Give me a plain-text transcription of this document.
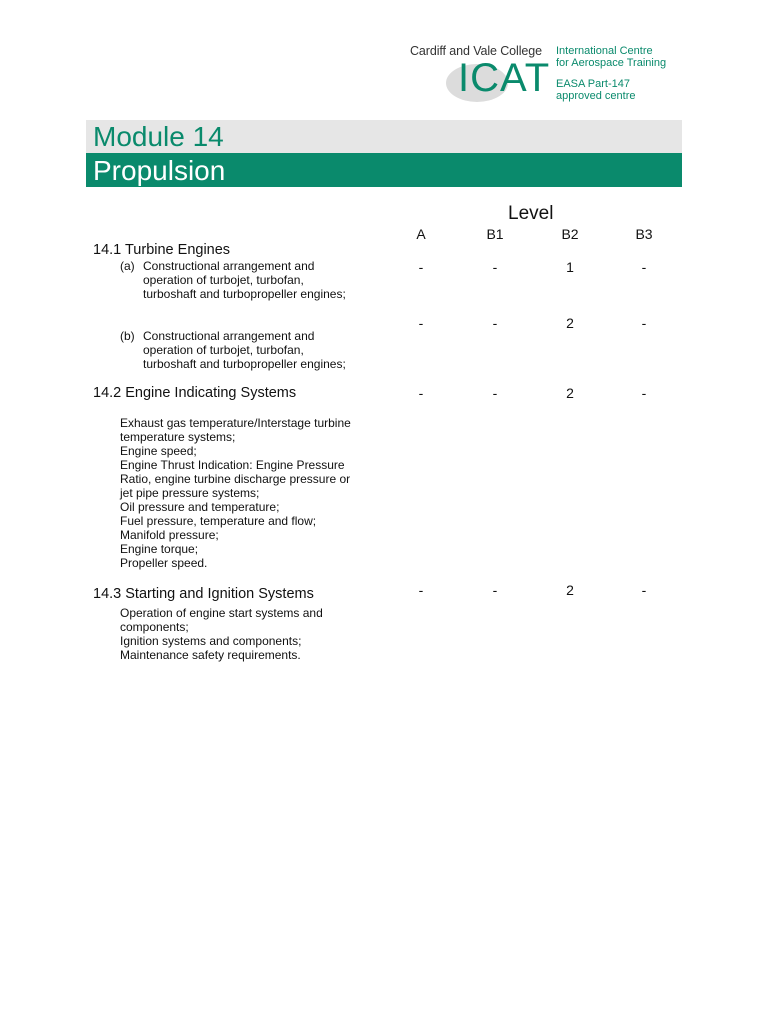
Cardiff and Vale College
ICAT
International Centre
for Aerospace Training
EASA Part-147
approved centre
Module 14
Propulsion
Level
A	B1	B2	B3
14.1 Turbine Engines
(a) Constructional arrangement and
operation of turbojet, turbofan,
turboshaft and turbopropeller engines;
-	-	1	-
(b) Constructional arrangement and
operation of turbojet, turbofan,
turboshaft and turbopropeller engines;
-	-	2	-
14.2 Engine Indicating Systems	-	-	2	-
Exhaust gas temperature/Interstage turbine
temperature systems;
Engine speed;
Engine Thrust Indication: Engine Pressure
Ratio, engine turbine discharge pressure or
jet pipe pressure systems;
Oil pressure and temperature;
Fuel pressure, temperature and flow;
Manifold pressure;
Engine torque;
Propeller speed.
14.3 Starting and Ignition Systems	-	-	2	-
Operation of engine start systems and
components;
Ignition systems and components;
Maintenance safety requirements.
